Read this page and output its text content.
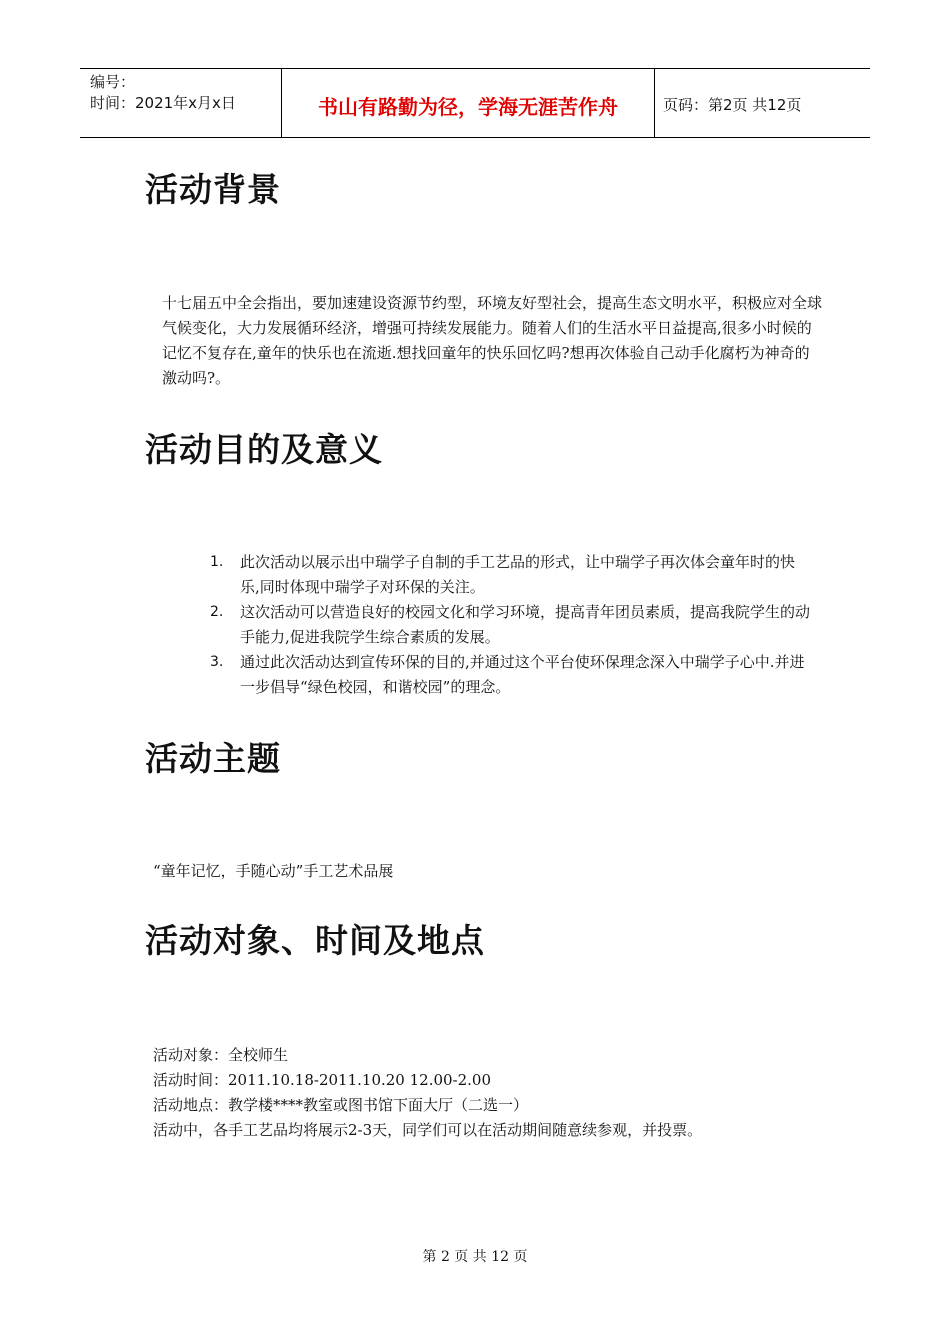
编号：
时间：2021年x月x日	书山有路勤为径，学海无涯苦作舟	页码：第2页 共12页
活动背景

十七届五中全会指出，要加速建设资源节约型，环境友好型社会，提高生态文明水平，积极应对全球气候变化，大力发展循环经济，增强可持续发展能力。随着人们的生活水平日益提高,很多小时候的记忆不复存在,童年的快乐也在流逝.想找回童年的快乐回忆吗?想再次体验自己动手化腐朽为神奇的激动吗?。

活动目的及意义
1.	此次活动以展示出中瑞学子自制的手工艺品的形式，让中瑞学子再次体会童年时的快乐,同时体现中瑞学子对环保的关注。
2.	这次活动可以营造良好的校园文化和学习环境，提高青年团员素质，提高我院学生的动手能力,促进我院学生综合素质的发展。
3.	通过此次活动达到宣传环保的目的,并通过这个平台使环保理念深入中瑞学子心中.并进一步倡导“绿色校园，和谐校园”的理念。
活动主题

“童年记忆，手随心动”手工艺术品展

活动对象、时间及地点
活动对象：全校师生
活动时间：2011.10.18-2011.10.20 12.00-2.00
活动地点：教学楼****教室或图书馆下面大厅（二选一）
活动中，各手工艺品均将展示2-3天，同学们可以在活动期间随意续参观，并投票。
第 2 页 共 12 页
